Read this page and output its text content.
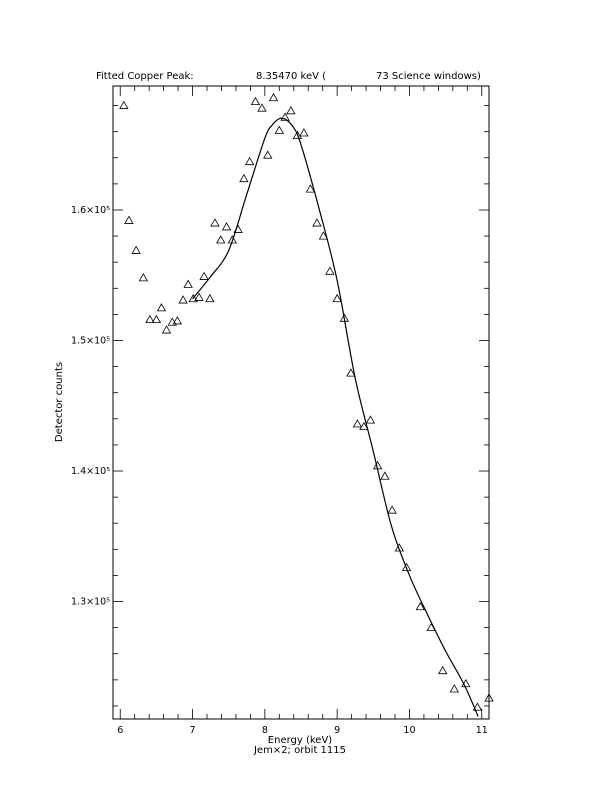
6	7	8	9	10	11
1.3×10⁵
1.4×10⁵
1.5×10⁵
1.6×10⁵
Fitted Copper Peak:	8.35470 keV (	73 Science windows)
Energy (keV)
Jem×2; orbit 1115
Detector counts
